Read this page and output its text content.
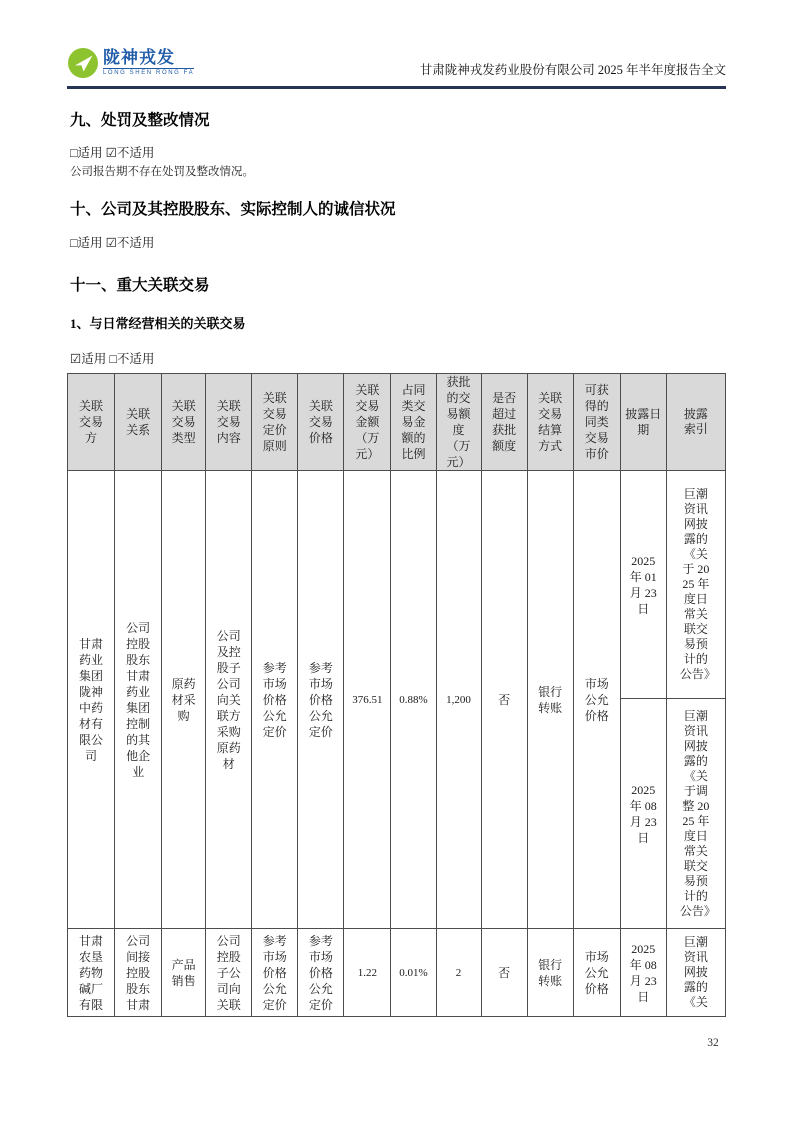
陇神戎发
LONG SHEN RONG FA	甘肃陇神戎发药业股份有限公司 2025 年半年度报告全文
九、处罚及整改情况
□适用 ☑不适用
公司报告期不存在处罚及整改情况。
十、公司及其控股股东、实际控制人的诚信状况
□适用 ☑不适用
十一、重大关联交易
1、与日常经营相关的关联交易
☑适用 □不适用
关联交易方	关联关系	关联交易类型	关联交易内容	关联交易定价原则	关联交易价格	关联交易金额（万元）	占同类交易金额的比例	获批的交易额度（万元）	是否超过获批额度	关联交易结算方式	可获得的同类交易市价	披露日期	披露索引
甘肃药业集团陇神中药材有限公司	公司控股股东甘肃药业集团控制的其他企业	原药材采购	公司及控股子公司向关联方采购原药材	参考市场价格公允定价	参考市场价格公允定价	376.51	0.88%	1,200	否	银行转账	市场公允价格	2025 年 01 月 23 日	巨潮资讯网披露的《关于 2025 年度日常关联交易预计的公告》
												2025 年 08 月 23 日	巨潮资讯网披露的《关于调整 2025 年度日常关联交易预计的公告》
甘肃农垦药物碱厂有限	公司间接控股股东甘肃	产品销售	公司控股子公司向关联	参考市场价格公允定价	参考市场价格公允定价	1.22	0.01%	2	否	银行转账	市场公允价格	2025 年 08 月 23 日	巨潮资讯网披露的《关
32
